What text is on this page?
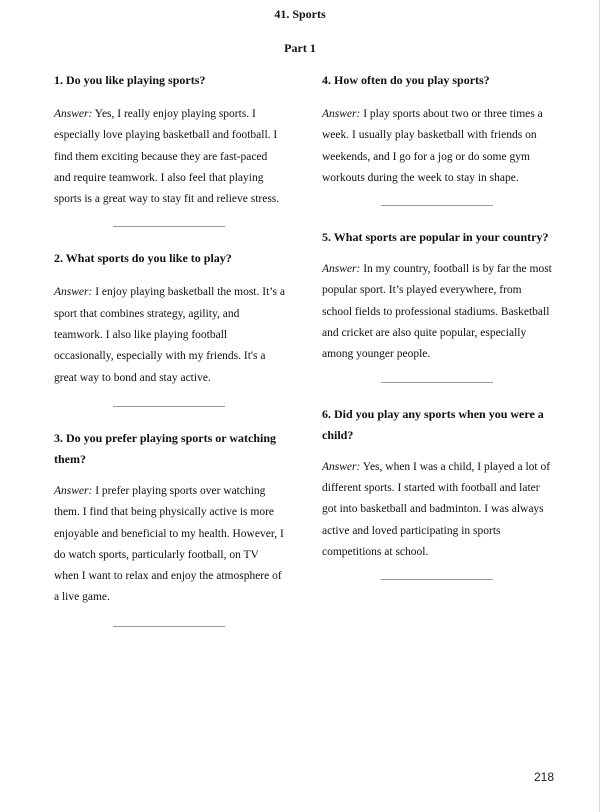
41. Sports
Part 1

1. Do you like playing sports?

Answer: Yes, I really enjoy playing sports. I especially love playing basketball and football. I find them exciting because they are fast-paced and require teamwork. I also feel that playing sports is a great way to stay fit and relieve stress.

2. What sports do you like to play?

Answer: I enjoy playing basketball the most. It’s a sport that combines strategy, agility, and teamwork. I also like playing football occasionally, especially with my friends. It's a great way to bond and stay active.

3. Do you prefer playing sports or watching them?

Answer: I prefer playing sports over watching them. I find that being physically active is more enjoyable and beneficial to my health. However, I do watch sports, particularly football, on TV when I want to relax and enjoy the atmosphere of a live game.

4. How often do you play sports?

Answer: I play sports about two or three times a week. I usually play basketball with friends on weekends, and I go for a jog or do some gym workouts during the week to stay in shape.

5. What sports are popular in your country?

Answer: In my country, football is by far the most popular sport. It’s played everywhere, from school fields to professional stadiums. Basketball and cricket are also quite popular, especially among younger people.

6. Did you play any sports when you were a child?

Answer: Yes, when I was a child, I played a lot of different sports. I started with football and later got into basketball and badminton. I was always active and loved participating in sports competitions at school.

218
